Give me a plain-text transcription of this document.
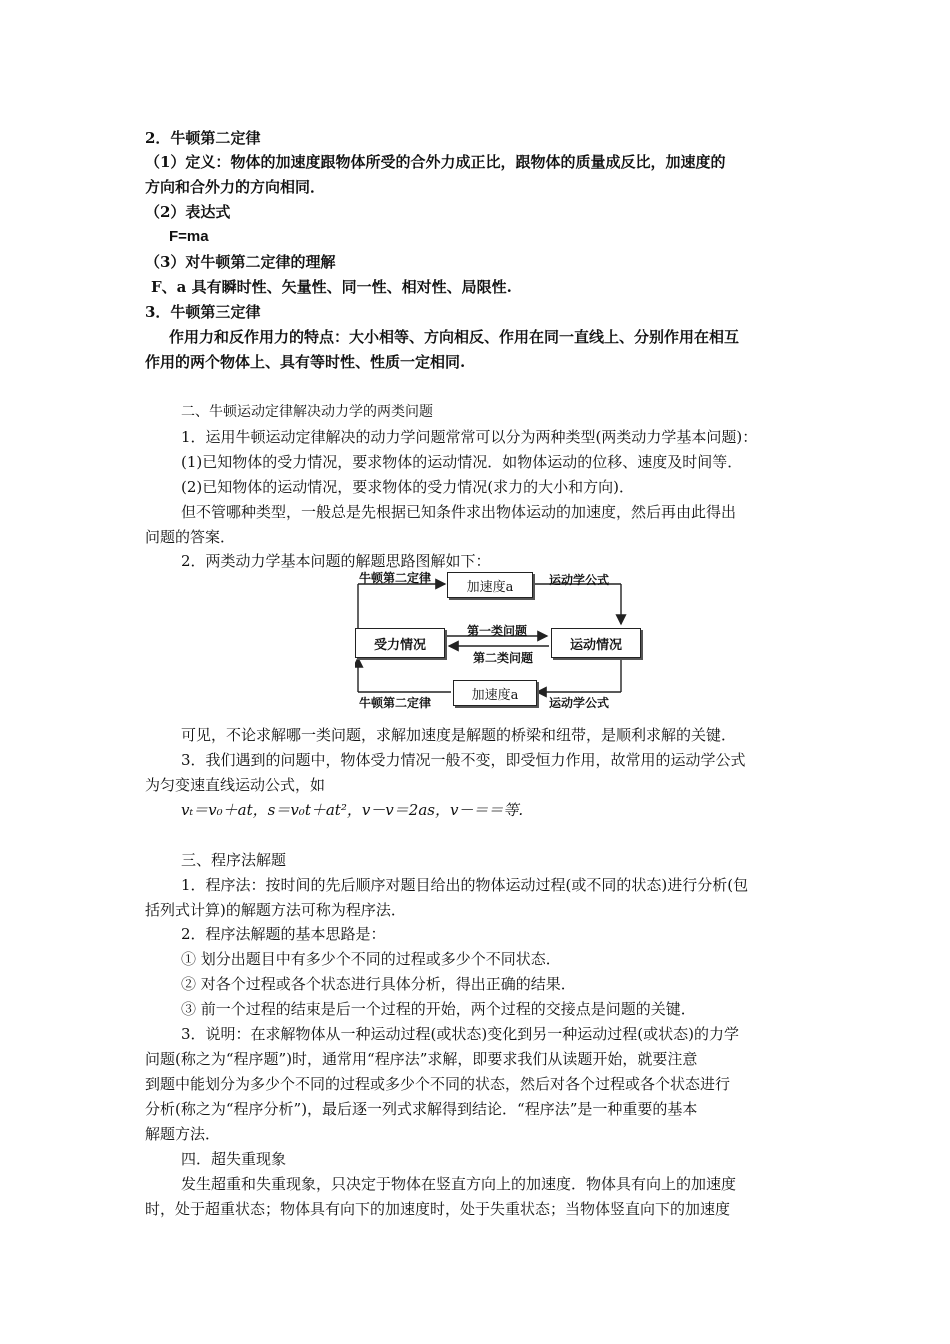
2．牛顿第二定律
（1）定义：物体的加速度跟物体所受的合外力成正比，跟物体的质量成反比，加速度的
方向和合外力的方向相同．
（2）表达式
F=ma
（3）对牛顿第二定律的理解
F、a 具有瞬时性、矢量性、同一性、相对性、局限性.
3．牛顿第三定律
作用力和反作用力的特点：大小相等、方向相反、作用在同一直线上、分别作用在相互
作用的两个物体上、具有等时性、性质一定相同.
二、牛顿运动定律解决动力学的两类问题
1．运用牛顿运动定律解决的动力学问题常常可以分为两种类型(两类动力学基本问题)：
(1)已知物体的受力情况，要求物体的运动情况．如物体运动的位移、速度及时间等．
(2)已知物体的运动情况，要求物体的受力情况(求力的大小和方向)．
但不管哪种类型，一般总是先根据已知条件求出物体运动的加速度，然后再由此得出
问题的答案．
2．两类动力学基本问题的解题思路图解如下：
牛顿第二定律
加速度a	运动学公式
受力情况
第一类问题
第二类问题
运动情况
牛顿第二定律
加速度a
运动学公式
可见，不论求解哪一类问题，求解加速度是解题的桥梁和纽带，是顺利求解的关键．
3．我们遇到的问题中，物体受力情况一般不变，即受恒力作用，故常用的运动学公式
为匀变速直线运动公式，如
vₜ＝v₀＋at，s＝v₀t＋at²，v－v＝2as，v－＝＝等.
三、程序法解题
1．程序法：按时间的先后顺序对题目给出的物体运动过程(或不同的状态)进行分析(包
括列式计算)的解题方法可称为程序法．
2．程序法解题的基本思路是：
① 划分出题目中有多少个不同的过程或多少个不同状态．
② 对各个过程或各个状态进行具体分析，得出正确的结果．
③ 前一个过程的结束是后一个过程的开始，两个过程的交接点是问题的关键．
3．说明：在求解物体从一种运动过程(或状态)变化到另一种运动过程(或状态)的力学
问题(称之为“程序题”)时，通常用“程序法”求解，即要求我们从读题开始，就要注意
到题中能划分为多少个不同的过程或多少个不同的状态，然后对各个过程或各个状态进行
分析(称之为“程序分析”)，最后逐一列式求解得到结论．“程序法”是一种重要的基本
解题方法．
四．超失重现象
发生超重和失重现象，只决定于物体在竖直方向上的加速度．物体具有向上的加速度
时，处于超重状态；物体具有向下的加速度时，处于失重状态；当物体竖直向下的加速度
